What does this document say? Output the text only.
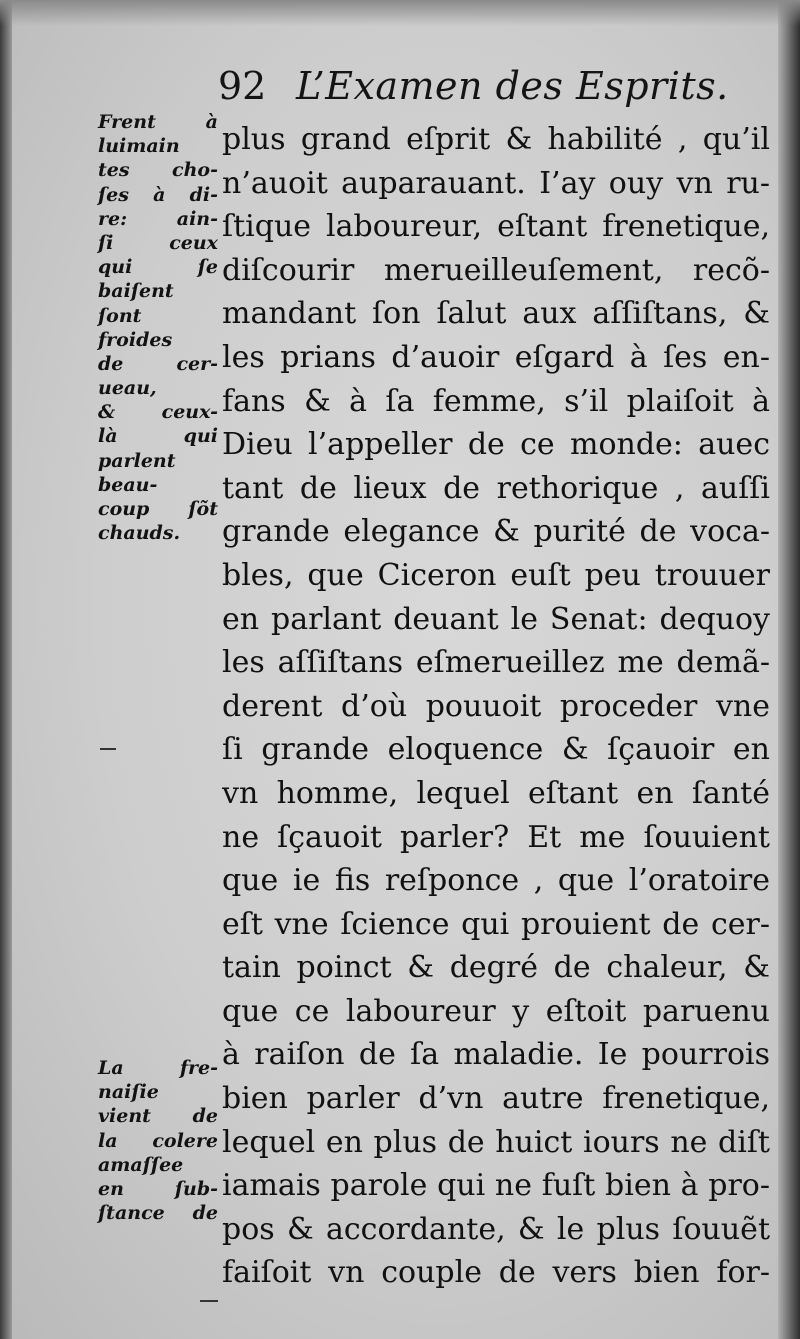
92 L’Examen des Esprits.
plus grand eſprit & habilité , qu’il
n’auoit auparauant. I’ay ouy vn ru-
ſtique laboureur, eſtant frenetique,
diſcourir merueilleuſement, recõ-
mandant ſon ſalut aux aſſiſtans, &
les prians d’auoir eſgard à ſes en-
fans & à ſa femme, s’il plaiſoit à
Dieu l’appeller de ce monde: auec
tant de lieux de rethorique , auſſi
grande elegance & purité de voca-
bles, que Ciceron euſt peu trouuer
en parlant deuant le Senat: dequoy
les aſſiſtans eſmerueillez me demã-
derent d’où pouuoit proceder vne
ſi grande eloquence & ſçauoir en
vn homme, lequel eſtant en ſanté
ne ſçauoit parler? Et me ſouuient
que ie fis reſponce , que l’oratoire
eſt vne ſcience qui prouient de cer-
tain poinct & degré de chaleur, &
que ce laboureur y eſtoit paruenu
à raiſon de ſa maladie. Ie pourrois
bien parler d’vn autre frenetique,
lequel en plus de huict iours ne diſt
iamais parole qui ne fuſt bien à pro-
pos & accordante, & le plus ſouuẽt
faiſoit vn couple de vers bien for-
Frent à
luimain
tes cho-
ſes à di-
re: ain-
ſi ceux
qui ſe
baiſent
ſont
froides
de cer-
ueau,
& ceux-
là qui
parlent
beau-
coup ſõt
chauds.
La fre-
naiſie
vient de
la colere
amaſſee
en ſub-
ſtance de
